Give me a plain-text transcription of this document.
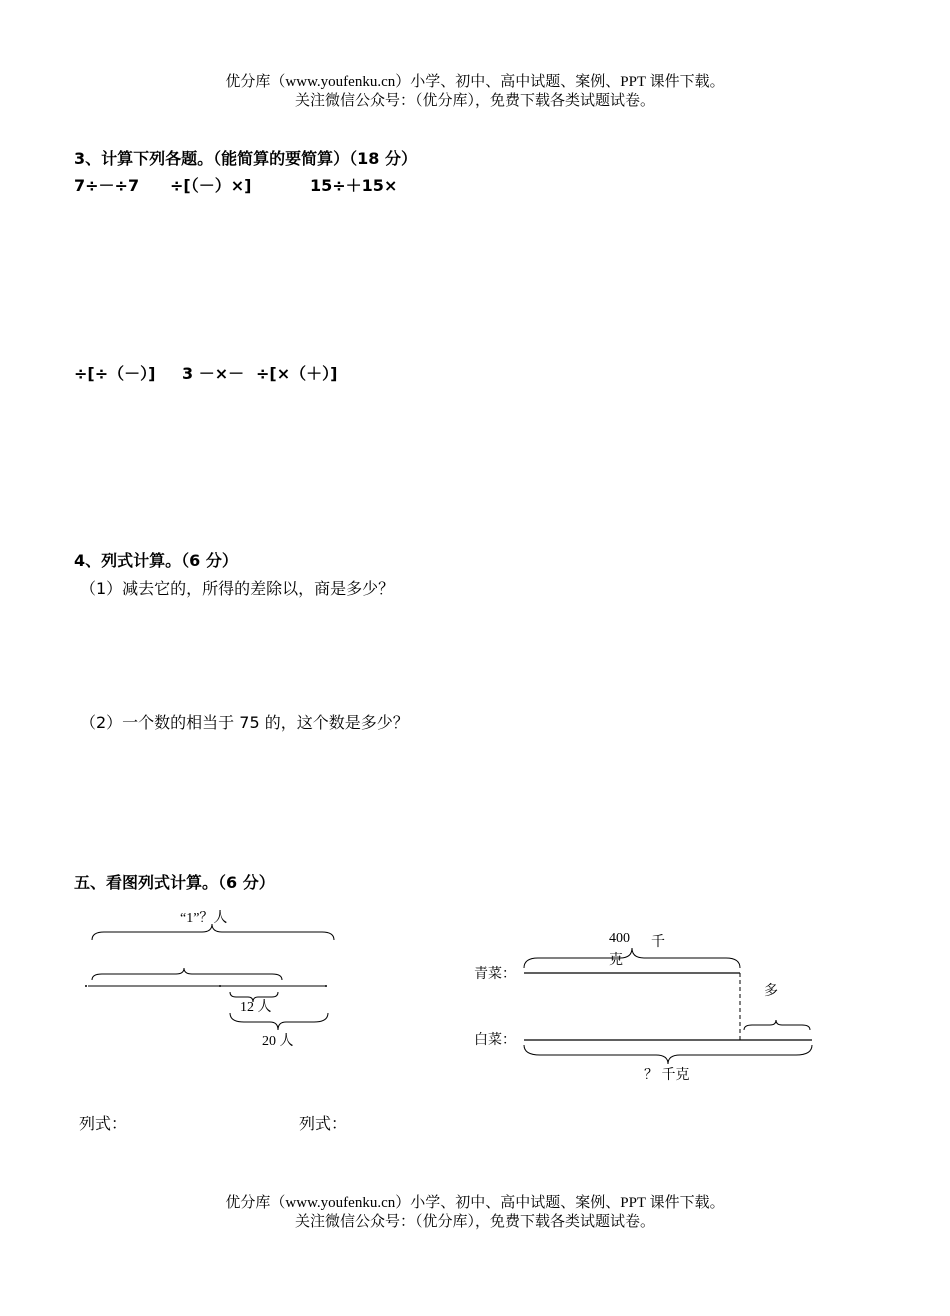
优分库（www.youfenku.cn）小学、初中、高中试题、案例、PPT 课件下载。
关注微信公众号：（优分库），免费下载各类试题试卷。
3、计算下列各题。（能简算的要简算）（18 分）
7÷－÷7 ÷[（－）×]	15÷＋15×
÷[÷（－）] 3 －×－ ÷[×（＋）]
4、列式计算。（6 分）
（1）减去它的，所得的差除以，商是多少？
（2）一个数的相当于 75 的，这个数是多少？
五、看图列式计算。（6 分）
“1”？人
12 人
20 人
400 千
克
青菜：
白菜：
多
？ 千克
列式：	列式：
优分库（www.youfenku.cn）小学、初中、高中试题、案例、PPT 课件下载。
关注微信公众号：（优分库），免费下载各类试题试卷。
